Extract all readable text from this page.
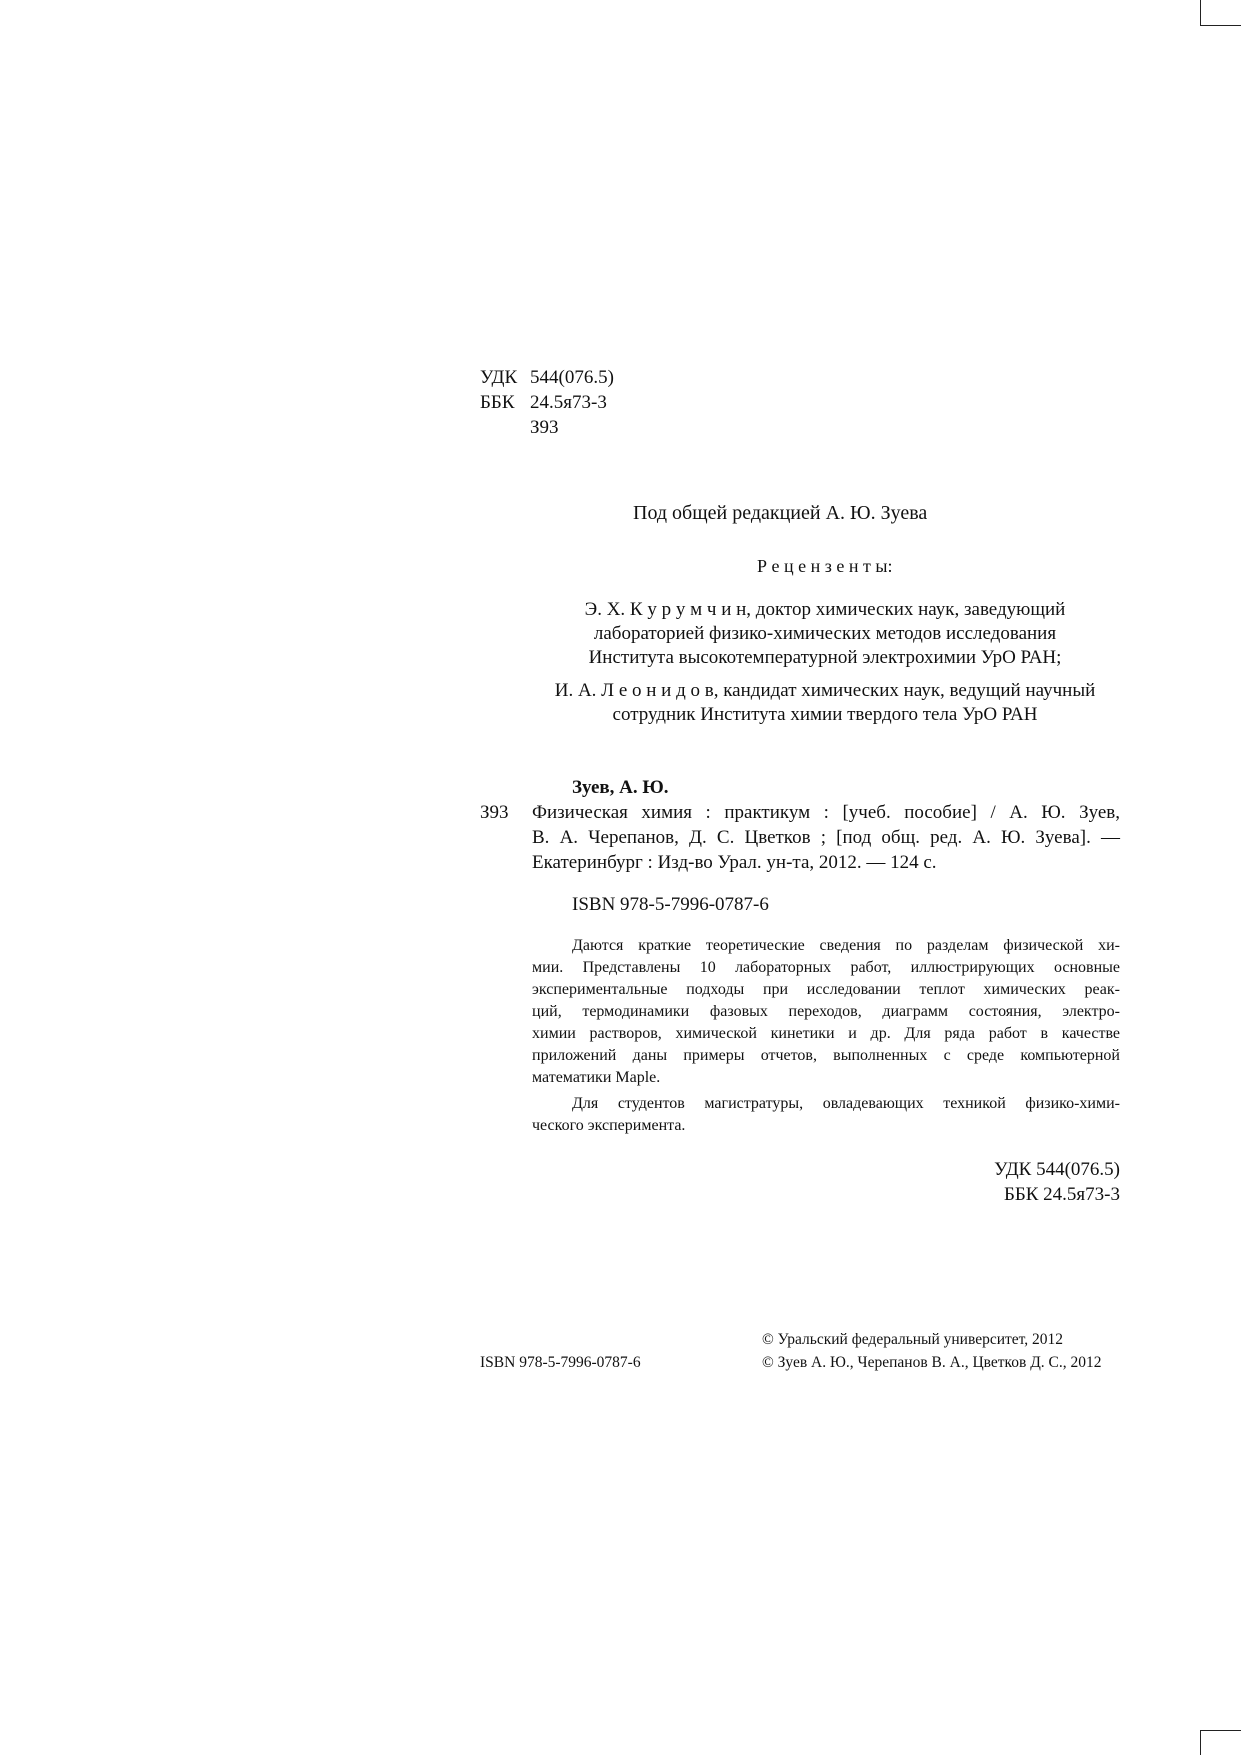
УДК 544(076.5)
ББК 24.5я73-3
З93
Под общей редакцией А. Ю. Зуева
Р е ц е н з е н т ы:
Э. Х. К у р у м ч и н, доктор химических наук, заведующий
лабораторией физико-химических методов исследования
Института высокотемпературной электрохимии УрО РАН;
И. А. Л е о н и д о в, кандидат химических наук, ведущий научный
сотрудник Института химии твердого тела УрО РАН
Зуев, А. Ю.
З93 Физическая химия : практикум : [учеб. пособие] / А. Ю. Зуев,
В. А. Черепанов, Д. С. Цветков ; [под общ. ред. А. Ю. Зуева]. —
Екатеринбург : Изд-во Урал. ун-та, 2012. — 124 с.
ISBN 978-5-7996-0787-6
Даются краткие теоретические сведения по разделам физической хи-
мии. Представлены 10 лабораторных работ, иллюстрирующих основные
экспериментальные подходы при исследовании теплот химических реак-
ций, термодинамики фазовых переходов, диаграмм состояния, электро-
химии растворов, химической кинетики и др. Для ряда работ в качестве
приложений даны примеры отчетов, выполненных с среде компьютерной
математики Maple.
Для студентов магистратуры, овладевающих техникой физико-хими-
ческого эксперимента.
УДК 544(076.5)
ББК 24.5я73-3
© Уральский федеральный университет, 2012
ISBN 978-5-7996-0787-6	© Зуев А. Ю., Черепанов В. А., Цветков Д. С., 2012
